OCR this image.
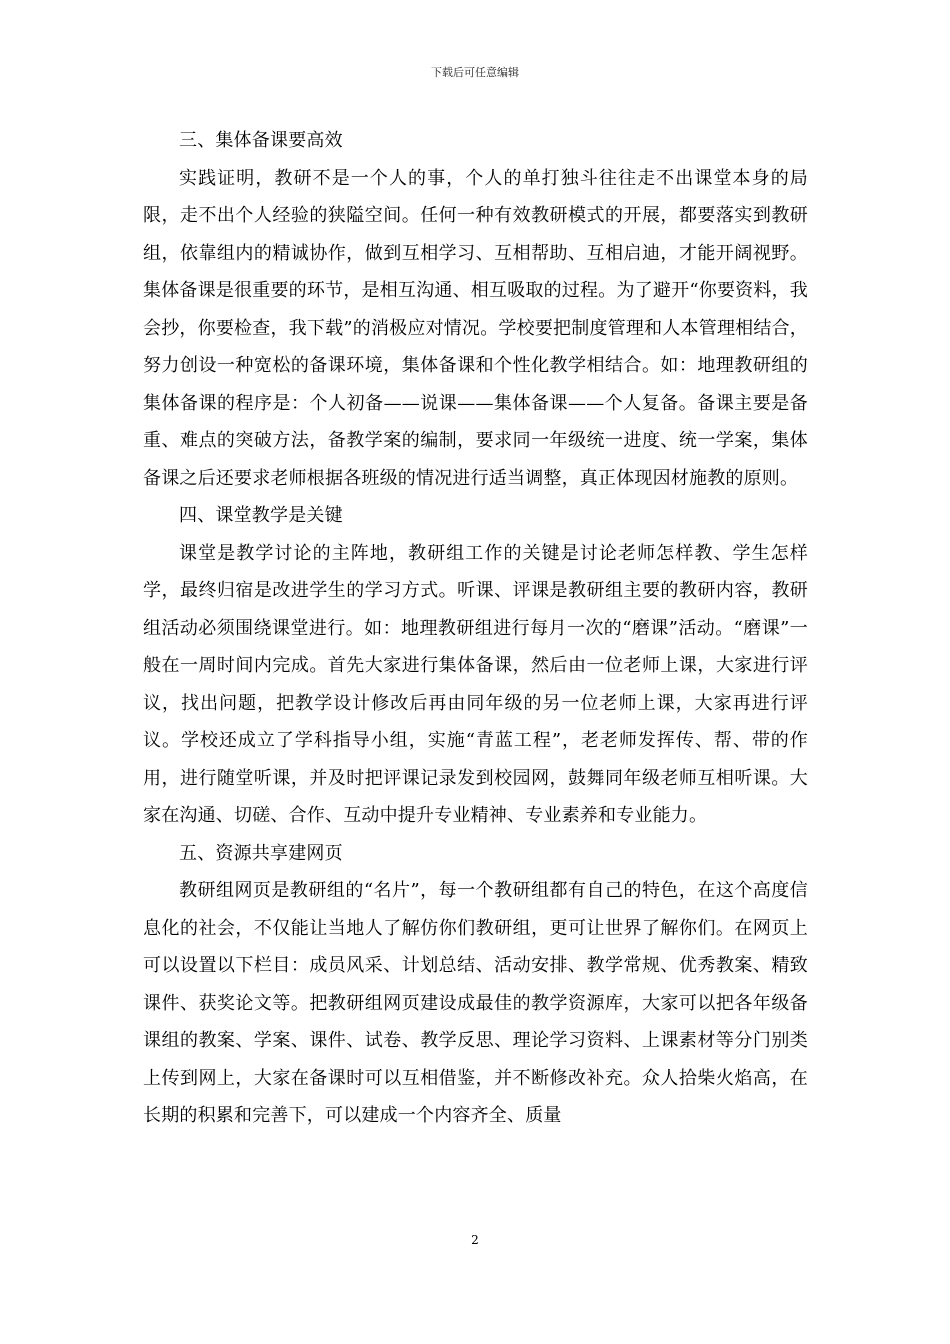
下载后可任意编辑

三、集体备课要高效

实践证明，教研不是一个人的事，个人的单打独斗往往走不出课堂本身的局限，走不出个人经验的狭隘空间。任何一种有效教研模式的开展，都要落实到教研组，依靠组内的精诚协作，做到互相学习、互相帮助、互相启迪，才能开阔视野。集体备课是很重要的环节，是相互沟通、相互吸取的过程。为了避开“你要资料，我会抄，你要检查，我下载”的消极应对情况。学校要把制度管理和人本管理相结合，努力创设一种宽松的备课环境，集体备课和个性化教学相结合。如：地理教研组的集体备课的程序是：个人初备——说课——集体备课——个人复备。备课主要是备重、难点的突破方法，备教学案的编制，要求同一年级统一进度、统一学案，集体备课之后还要求老师根据各班级的情况进行适当调整，真正体现因材施教的原则。

四、课堂教学是关键

课堂是教学讨论的主阵地，教研组工作的关键是讨论老师怎样教、学生怎样学，最终归宿是改进学生的学习方式。听课、评课是教研组主要的教研内容，教研组活动必须围绕课堂进行。如：地理教研组进行每月一次的“磨课”活动。“磨课”一般在一周时间内完成。首先大家进行集体备课，然后由一位老师上课，大家进行评议，找出问题，把教学设计修改后再由同年级的另一位老师上课，大家再进行评议。学校还成立了学科指导小组，实施“青蓝工程”，老老师发挥传、帮、带的作用，进行随堂听课，并及时把评课记录发到校园网，鼓舞同年级老师互相听课。大家在沟通、切磋、合作、互动中提升专业精神、专业素养和专业能力。

五、资源共享建网页

教研组网页是教研组的“名片”，每一个教研组都有自己的特色，在这个高度信息化的社会，不仅能让当地人了解仿你们教研组，更可让世界了解你们。在网页上可以设置以下栏目：成员风采、计划总结、活动安排、教学常规、优秀教案、精致课件、获奖论文等。把教研组网页建设成最佳的教学资源库，大家可以把各年级备课组的教案、学案、课件、试卷、教学反思、理论学习资料、上课素材等分门别类上传到网上，大家在备课时可以互相借鉴，并不断修改补充。众人拾柴火焰高，在长期的积累和完善下，可以建成一个内容齐全、质量

2
